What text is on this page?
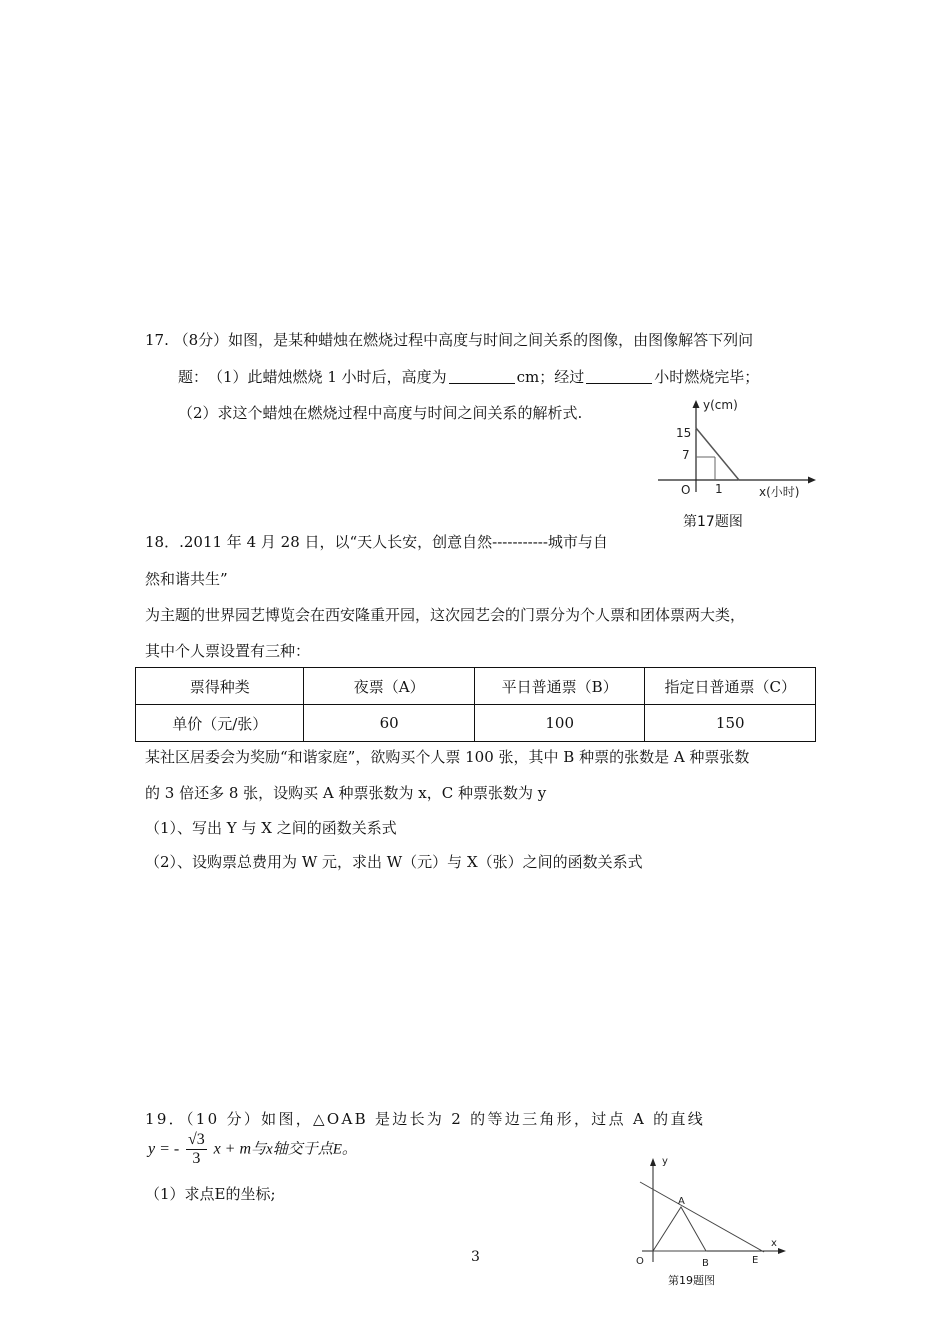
17. （8分）如图，是某种蜡烛在燃烧过程中高度与时间之间关系的图像，由图像解答下列问
题：　（1）此蜡烛燃烧 1 小时后，高度为	cm；经过	小时燃烧完毕；
（2）求这个蜡烛在燃烧过程中高度与时间之间关系的解析式.	y(cm)
15
7
O 1	x(小时)
第17题图
18．.2011 年 4 月 28 日，以“天人长安，创意自然-----------城市与自
然和谐共生”
为主题的世界园艺博览会在西安隆重开园，这次园艺会的门票分为个人票和团体票两大类，
其中个人票设置有三种：
票得种类	夜票（A）	平日普通票（B）	指定日普通票（C）
单价（元/张）	60	100	150
某社区居委会为奖励“和谐家庭”，欲购买个人票 100 张，其中 B 种票的张数是 A 种票张数
的 3 倍还多 8 张，设购买 A 种票张数为 x，C 种票张数为 y
（1）、写出 Y 与 X 之间的函数关系式
（2）、设购票总费用为 W 元，求出 W（元）与 X（张）之间的函数关系式
19．（10 分）如图，△OAB 是边长为 2 的等边三角形，过点 A 的直线
y = - $\frac{√3}{3}$ x + m与x轴交于点E。
（1）求点E的坐标;
y
x
O
A
B	E
第19题图
3
